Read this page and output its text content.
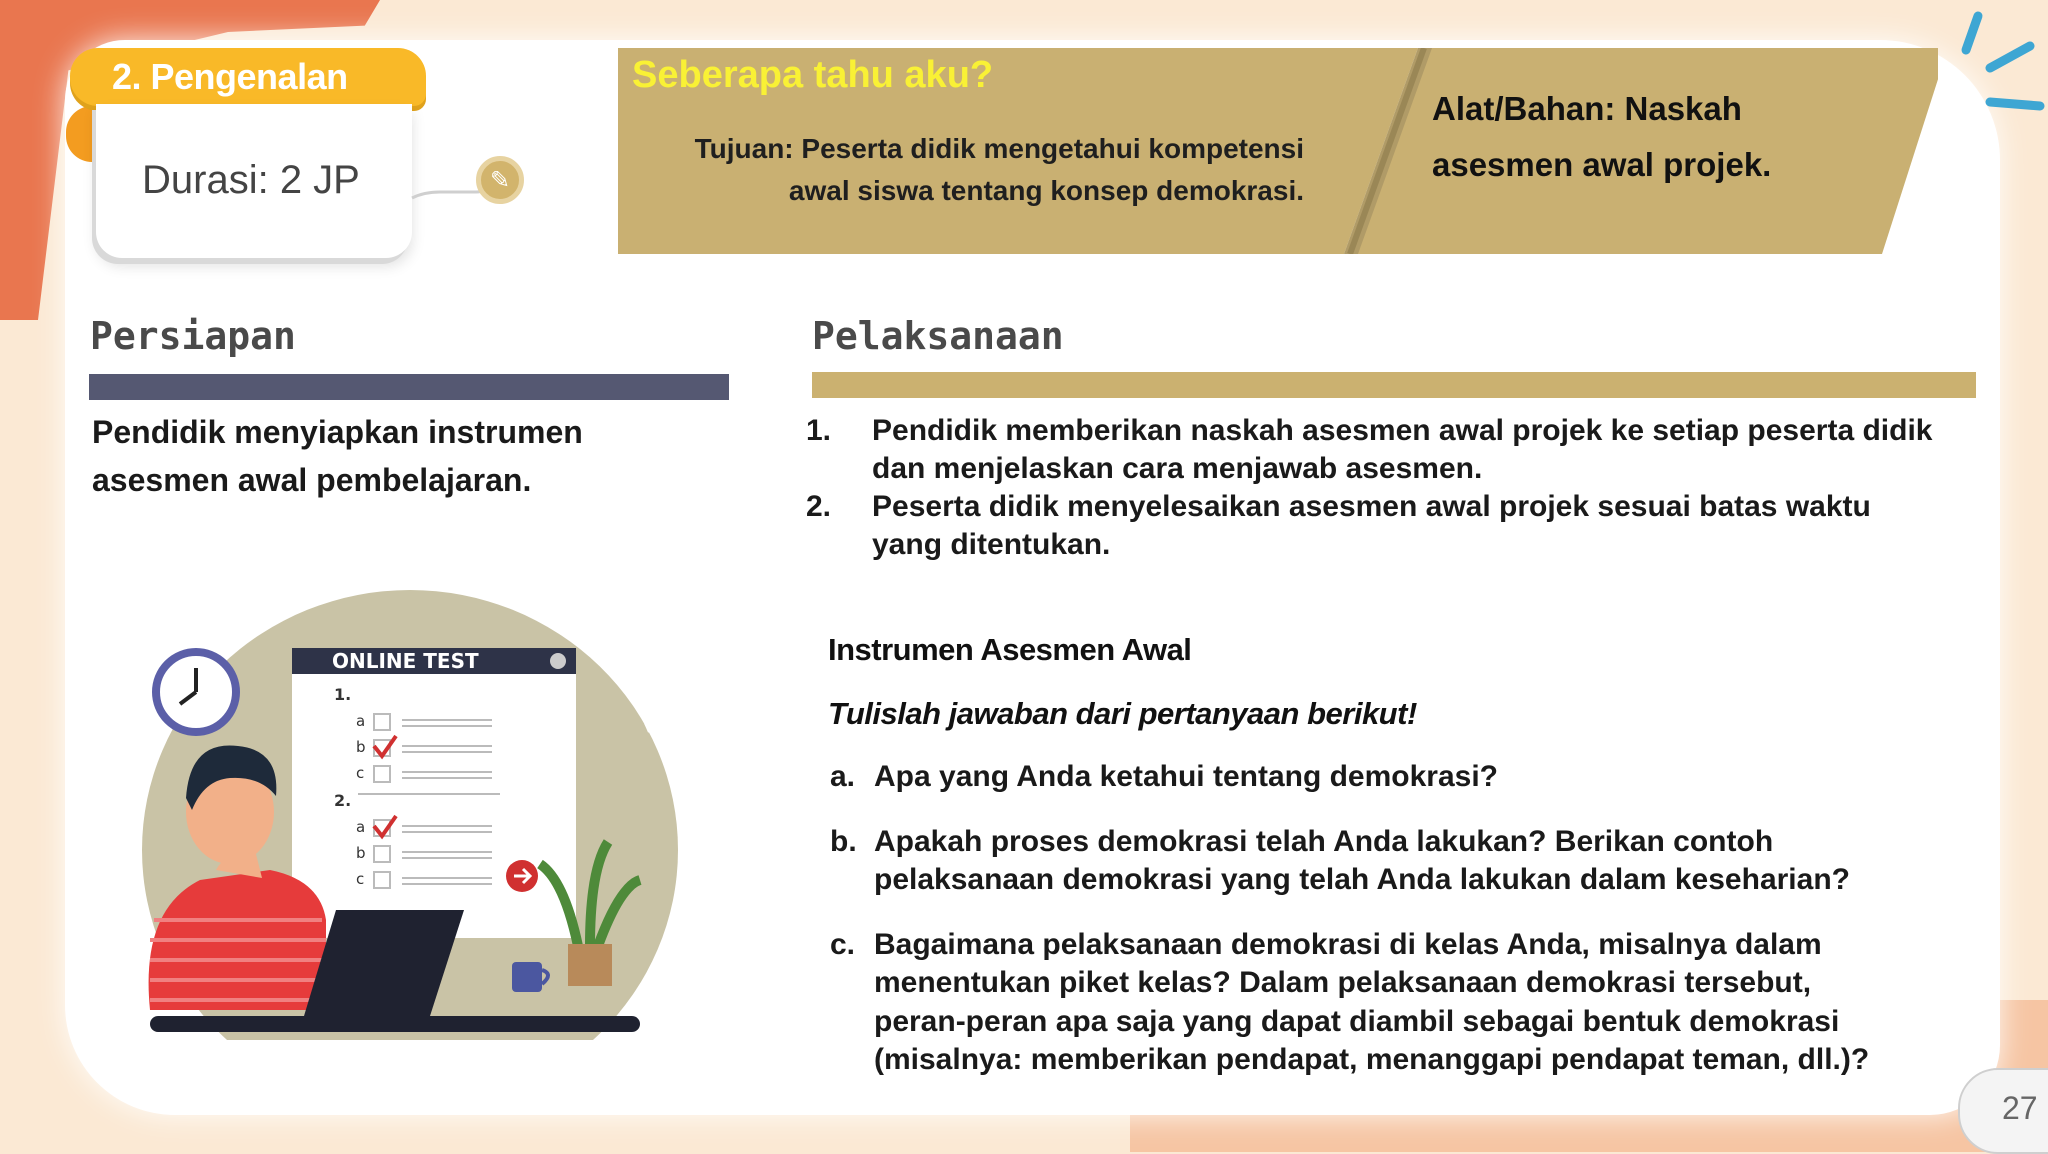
2. Pengenalan
Durasi: 2 JP	✎
Seberapa tahu aku?
Tujuan: Peserta didik mengetahui kompetensi
awal siswa tentang konsep demokrasi.
Alat/Bahan: Naskah
asesmen awal projek.
Persiapan
Pendidik menyiapkan instrumen
asesmen awal pembelajaran.
Pelaksanaan
1.	Pendidik memberikan naskah asesmen awal projek ke setiap peserta didik
dan menjelaskan cara menjawab asesmen.
2.	Peserta didik menyelesaikan asesmen awal projek sesuai batas waktu
yang ditentukan.
Instrumen Asesmen Awal
Tulislah jawaban dari pertanyaan berikut!
a. Apa yang Anda ketahui tentang demokrasi?
b. Apakah proses demokrasi telah Anda lakukan? Berikan contoh
pelaksanaan demokrasi yang telah Anda lakukan dalam keseharian?
c. Bagaimana pelaksanaan demokrasi di kelas Anda, misalnya dalam
menentukan piket kelas? Dalam pelaksanaan demokrasi tersebut,
peran-peran apa saja yang dapat diambil sebagai bentuk demokrasi
(misalnya: memberikan pendapat, menanggapi pendapat teman, dll.)?
ONLINE TEST
1.
a
b
c
2.
a
b
c
27
